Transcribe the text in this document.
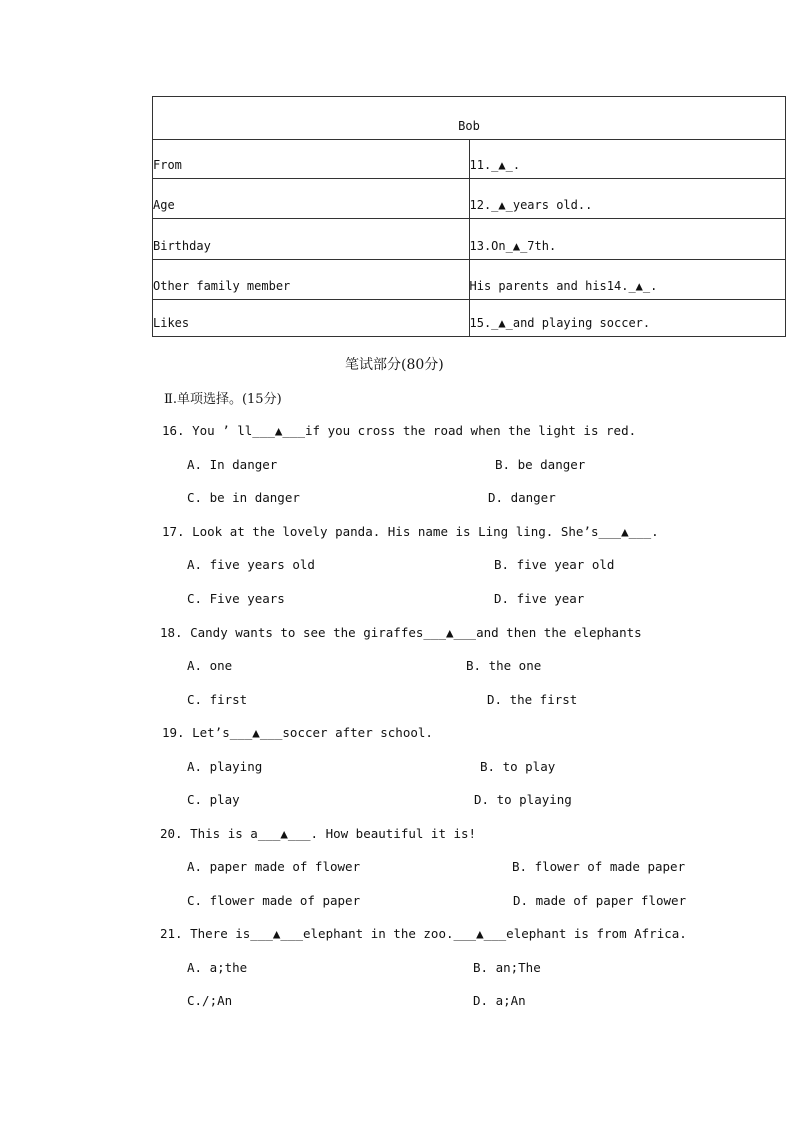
Bob	
From	11._▲_.
Age	12._▲_years old..
Birthday	13.On_▲_7th.
Other family member	His parents and his14._▲_.
Likes	15._▲_and playing soccer.
笔试部分(80分)
Ⅱ.单项选择。(15分)
16. You ’ ll___▲___if you cross the road when the light is red.
A. In danger	B. be danger
C. be in danger	D. danger
17. Look at the lovely panda. His name is Ling ling. She’s___▲___.
A. five years old	B. five year old
C. Five years	D. five year
18. Candy wants to see the giraffes___▲___and then the elephants
A. one	B. the one
C. first	D. the first
19. Let’s___▲___soccer after school.
A. playing	B. to play
C. play	D. to playing
20. This is a___▲___. How beautiful it is!
A. paper made of flower	B. flower of made paper
C. flower made of paper	D. made of paper flower
21. There is___▲___elephant in the zoo.___▲___elephant is from Africa.
A. a;the	B. an;The
C./;An	D. a;An
